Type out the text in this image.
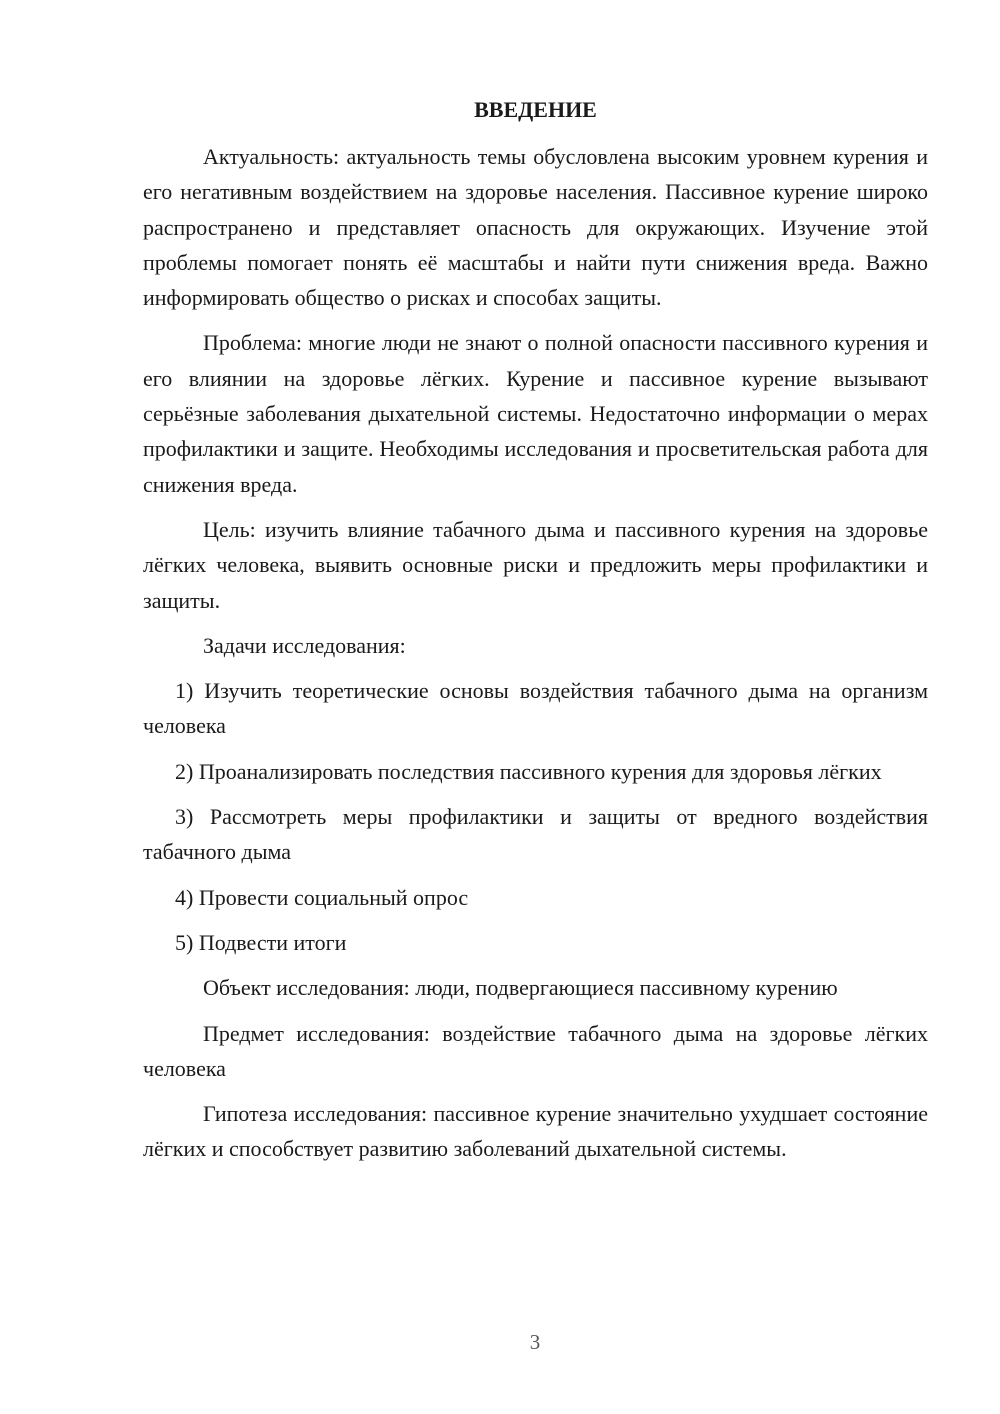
ВВЕДЕНИЕ

Актуальность: актуальность темы обусловлена высоким уровнем курения и его негативным воздействием на здоровье населения. Пассивное курение широко распространено и представляет опасность для окружающих. Изучение этой проблемы помогает понять её масштабы и найти пути снижения вреда. Важно информировать общество о рисках и способах защиты.

Проблема: многие люди не знают о полной опасности пассивного курения и его влиянии на здоровье лёгких. Курение и пассивное курение вызывают серьёзные заболевания дыхательной системы. Недостаточно информации о мерах профилактики и защите. Необходимы исследования и просветительская работа для снижения вреда.

Цель: изучить влияние табачного дыма и пассивного курения на здоровье лёгких человека, выявить основные риски и предложить меры профилактики и защиты.

Задачи исследования:

1) Изучить теоретические основы воздействия табачного дыма на организм человека

2) Проанализировать последствия пассивного курения для здоровья лёгких

3) Рассмотреть меры профилактики и защиты от вредного воздействия табачного дыма

4) Провести социальный опрос

5) Подвести итоги

Объект исследования: люди, подвергающиеся пассивному курению

Предмет исследования: воздействие табачного дыма на здоровье лёгких человека

Гипотеза исследования: пассивное курение значительно ухудшает состояние лёгких и способствует развитию заболеваний дыхательной системы.

3
